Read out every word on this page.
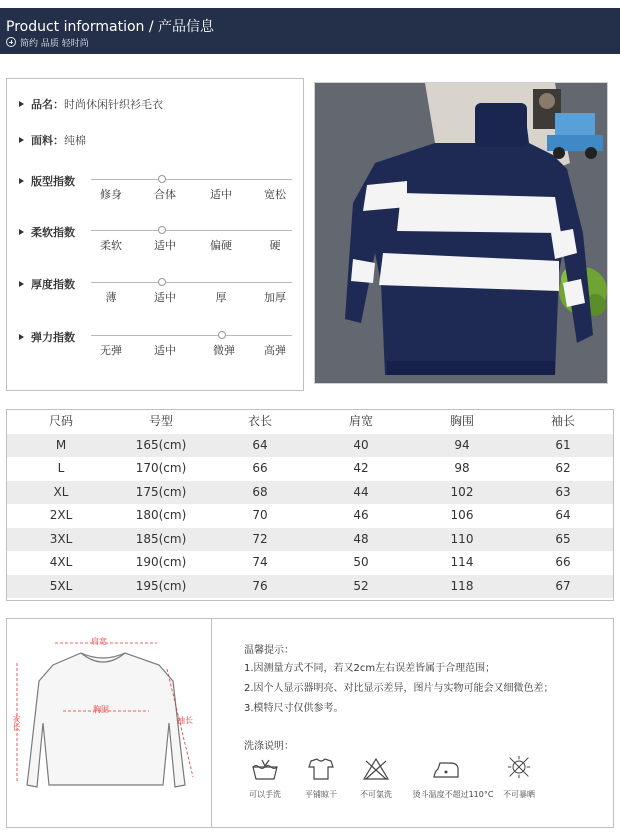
Product information / 产品信息
简约 品质 轻时尚
品名：时尚休闲针织衫毛衣
面料：纯棉
版型指数
修身	合体	适中	宽松
柔软指数
柔软	适中	偏硬	硬
厚度指数
薄	适中	厚	加厚
弹力指数
无弹	适中	微弹	高弹
尺码	号型	衣长	肩宽	胸围	袖长
M	165(cm)	64	40	94	61
L	170(cm)	66	42	98	62
XL	175(cm)	68	44	102	63
2XL	180(cm)	70	46	106	64
3XL	185(cm)	72	48	110	65
4XL	190(cm)	74	50	114	66
5XL	195(cm)	76	52	118	67
肩宽
胸围
衣长	袖长
温馨提示：
1.因测量方式不同，若又2cm左右误差皆属于合理范围；
2.因个人显示器明亮、对比显示差异，图片与实物可能会又细微色差；
3.模特尺寸仅供参考。
洗涤说明：
可以手洗	平铺晾干	不可氯洗	烫斗温度不超过110°C 不可暴晒
